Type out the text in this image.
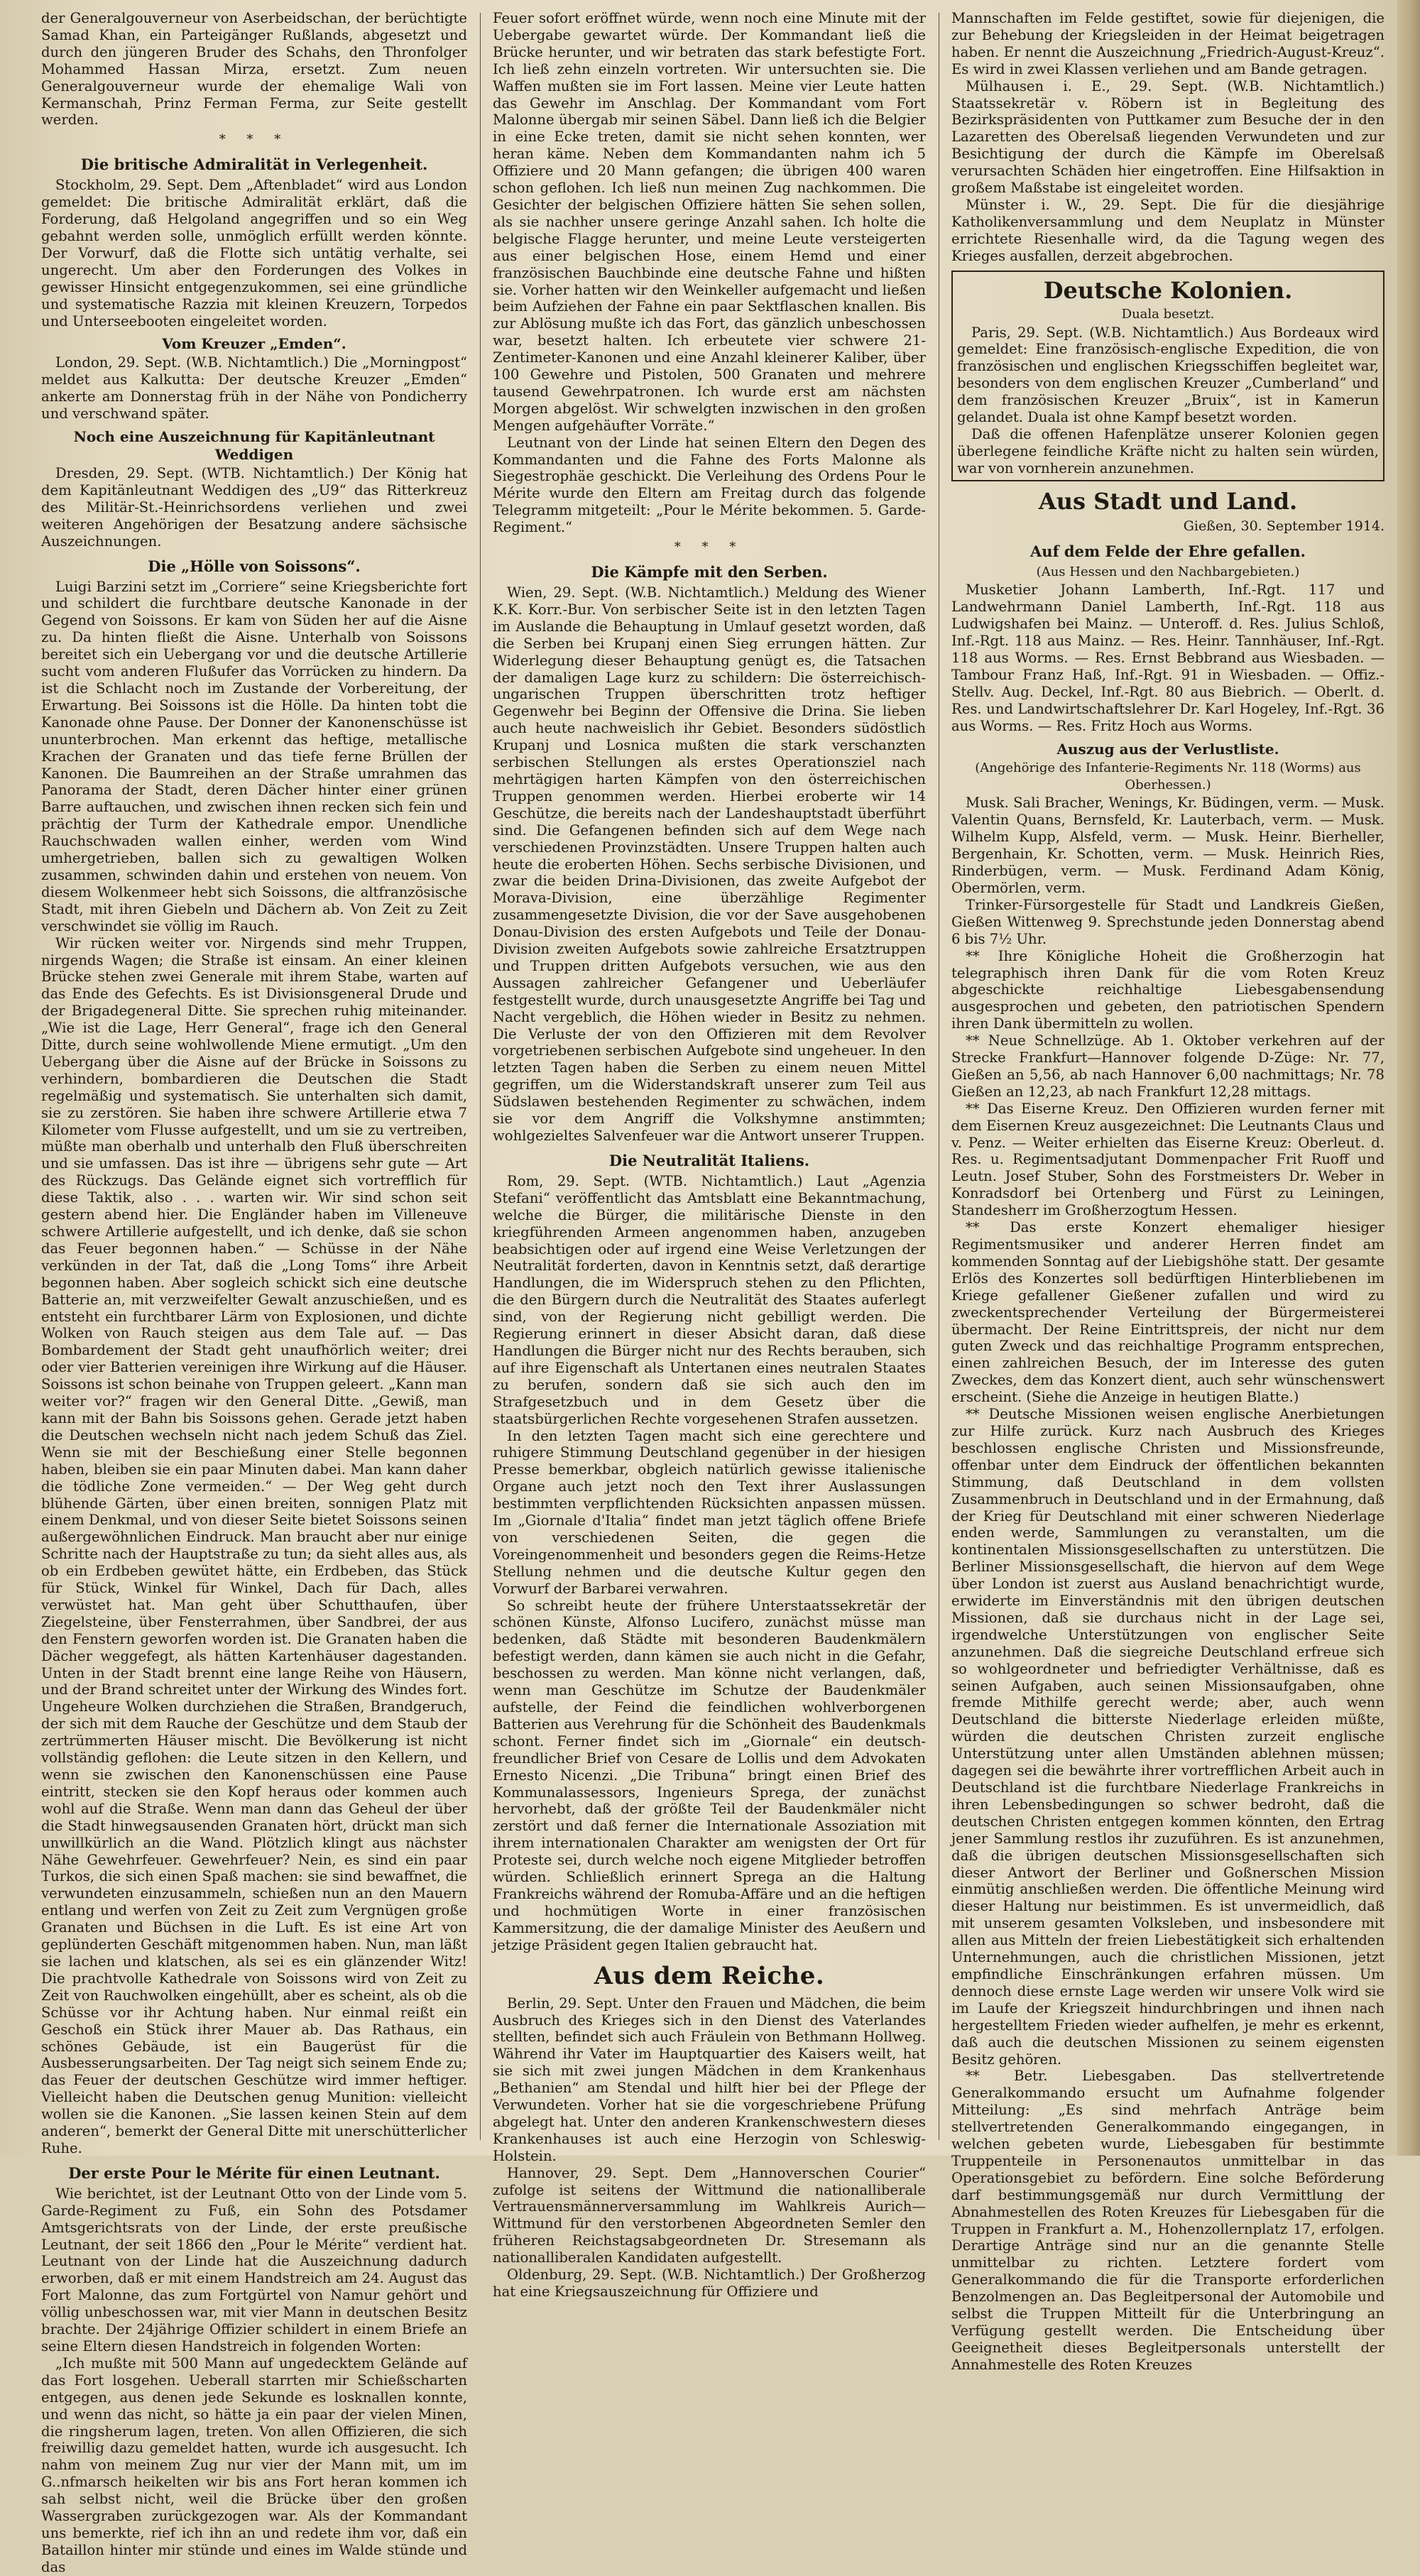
der Generalgouverneur von Aserbeidschan, der berüchtigte Samad Khan, ein Parteigänger Rußlands, abgesetzt und durch den jüngeren Bruder des Schahs, den Thronfolger Mohammed Hassan Mirza, ersetzt. Zum neuen Generalgouverneur wurde der ehemalige Wali von Kermanschah, Prinz Ferman Ferma, zur Seite gestellt werden.

* * *
Die britische Admiralität in Verlegenheit.

Stockholm, 29. Sept. Dem „Aftenbladet“ wird aus London gemeldet: Die britische Admiralität erklärt, daß die Forderung, daß Helgoland angegriffen und so ein Weg gebahnt werden solle, unmöglich erfüllt werden könnte. Der Vorwurf, daß die Flotte sich untätig verhalte, sei ungerecht. Um aber den Forderungen des Volkes in gewisser Hinsicht entgegenzukommen, sei eine gründliche und systematische Razzia mit kleinen Kreuzern, Torpedos und Unterseebooten eingeleitet worden.

Vom Kreuzer „Emden“.

London, 29. Sept. (W.B. Nichtamtlich.) Die „Morningpost“ meldet aus Kalkutta: Der deutsche Kreuzer „Emden“ ankerte am Donnerstag früh in der Nähe von Pondicherry und verschwand später.

Noch eine Auszeichnung für Kapitänleutnant Weddigen

Dresden, 29. Sept. (WTB. Nichtamtlich.) Der König hat dem Kapitänleutnant Weddigen des „U9“ das Ritterkreuz des Militär-St.-Heinrichsordens verliehen und zwei weiteren Angehörigen der Besatzung andere sächsische Auszeichnungen.

Die „Hölle von Soissons“.

Luigi Barzini setzt im „Corriere“ seine Kriegsberichte fort und schildert die furchtbare deutsche Kanonade in der Gegend von Soissons. Er kam von Süden her auf die Aisne zu. Da hinten fließt die Aisne. Unterhalb von Soissons bereitet sich ein Uebergang vor und die deutsche Artillerie sucht vom anderen Flußufer das Vorrücken zu hindern. Da ist die Schlacht noch im Zustande der Vorbereitung, der Erwartung. Bei Soissons ist die Hölle. Da hinten tobt die Kanonade ohne Pause. Der Donner der Kanonenschüsse ist ununterbrochen. Man erkennt das heftige, metallische Krachen der Granaten und das tiefe ferne Brüllen der Kanonen. Die Baumreihen an der Straße umrahmen das Panorama der Stadt, deren Dächer hinter einer grünen Barre auftauchen, und zwischen ihnen recken sich fein und prächtig der Turm der Kathedrale empor. Unendliche Rauchschwaden wallen einher, werden vom Wind umhergetrieben, ballen sich zu gewaltigen Wolken zusammen, schwinden dahin und erstehen von neuem. Von diesem Wolkenmeer hebt sich Soissons, die altfranzösische Stadt, mit ihren Giebeln und Dächern ab. Von Zeit zu Zeit verschwindet sie völlig im Rauch.

Wir rücken weiter vor. Nirgends sind mehr Truppen, nirgends Wagen; die Straße ist einsam. An einer kleinen Brücke stehen zwei Generale mit ihrem Stabe, warten auf das Ende des Gefechts. Es ist Divisionsgeneral Drude und der Brigadegeneral Ditte. Sie sprechen ruhig miteinander. „Wie ist die Lage, Herr General“, frage ich den General Ditte, durch seine wohlwollende Miene ermutigt. „Um den Uebergang über die Aisne auf der Brücke in Soissons zu verhindern, bombardieren die Deutschen die Stadt regelmäßig und systematisch. Sie unterhalten sich damit, sie zu zerstören. Sie haben ihre schwere Artillerie etwa 7 Kilometer vom Flusse aufgestellt, und um sie zu vertreiben, müßte man oberhalb und unterhalb den Fluß überschreiten und sie umfassen. Das ist ihre — übrigens sehr gute — Art des Rückzugs. Das Gelände eignet sich vortrefflich für diese Taktik, also . . . warten wir. Wir sind schon seit gestern abend hier. Die Engländer haben im Villeneuve schwere Artillerie aufgestellt, und ich denke, daß sie schon das Feuer begonnen haben.“ — Schüsse in der Nähe verkünden in der Tat, daß die „Long Toms“ ihre Arbeit begonnen haben. Aber sogleich schickt sich eine deutsche Batterie an, mit verzweifelter Gewalt anzuschießen, und es entsteht ein furchtbarer Lärm von Explosionen, und dichte Wolken von Rauch steigen aus dem Tale auf. — Das Bombardement der Stadt geht unaufhörlich weiter; drei oder vier Batterien vereinigen ihre Wirkung auf die Häuser. Soissons ist schon beinahe von Truppen geleert. „Kann man weiter vor?“ fragen wir den General Ditte. „Gewiß, man kann mit der Bahn bis Soissons gehen. Gerade jetzt haben die Deutschen wechseln nicht nach jedem Schuß das Ziel. Wenn sie mit der Beschießung einer Stelle begonnen haben, bleiben sie ein paar Minuten dabei. Man kann daher die tödliche Zone vermeiden.“ — Der Weg geht durch blühende Gärten, über einen breiten, sonnigen Platz mit einem Denkmal, und von dieser Seite bietet Soissons seinen außergewöhnlichen Eindruck. Man braucht aber nur einige Schritte nach der Hauptstraße zu tun; da sieht alles aus, als ob ein Erdbeben gewütet hätte, ein Erdbeben, das Stück für Stück, Winkel für Winkel, Dach für Dach, alles verwüstet hat. Man geht über Schutthaufen, über Ziegelsteine, über Fensterrahmen, über Sandbrei, der aus den Fenstern geworfen worden ist. Die Granaten haben die Dächer weggefegt, als hätten Kartenhäuser dagestanden. Unten in der Stadt brennt eine lange Reihe von Häusern, und der Brand schreitet unter der Wirkung des Windes fort. Ungeheure Wolken durchziehen die Straßen, Brandgeruch, der sich mit dem Rauche der Geschütze und dem Staub der zertrümmerten Häuser mischt. Die Bevölkerung ist nicht vollständig geflohen: die Leute sitzen in den Kellern, und wenn sie zwischen den Kanonenschüssen eine Pause eintritt, stecken sie den Kopf heraus oder kommen auch wohl auf die Straße. Wenn man dann das Geheul der über die Stadt hinwegsausenden Granaten hört, drückt man sich unwillkürlich an die Wand. Plötzlich klingt aus nächster Nähe Gewehrfeuer. Gewehrfeuer? Nein, es sind ein paar Turkos, die sich einen Spaß machen: sie sind bewaffnet, die verwundeten einzusammeln, schießen nun an den Mauern entlang und werfen von Zeit zu Zeit zum Vergnügen große Granaten und Büchsen in die Luft. Es ist eine Art von geplünderten Geschäft mitgenommen haben. Nun, man läßt sie lachen und klatschen, als sei es ein glänzender Witz! Die prachtvolle Kathedrale von Soissons wird von Zeit zu Zeit von Rauchwolken eingehüllt, aber es scheint, als ob die Schüsse vor ihr Achtung haben. Nur einmal reißt ein Geschoß ein Stück ihrer Mauer ab. Das Rathaus, ein schönes Gebäude, ist ein Baugerüst für die Ausbesserungsarbeiten. Der Tag neigt sich seinem Ende zu; das Feuer der deutschen Geschütze wird immer heftiger. Vielleicht haben die Deutschen genug Munition: vielleicht wollen sie die Kanonen. „Sie lassen keinen Stein auf dem anderen“, bemerkt der General Ditte mit unerschütterlicher Ruhe.

Der erste Pour le Mérite für einen Leutnant.

Wie berichtet, ist der Leutnant Otto von der Linde vom 5. Garde-Regiment zu Fuß, ein Sohn des Potsdamer Amtsgerichtsrats von der Linde, der erste preußische Leutnant, der seit 1866 den „Pour le Mérite“ verdient hat. Leutnant von der Linde hat die Auszeichnung dadurch erworben, daß er mit einem Handstreich am 24. August das Fort Malonne, das zum Fortgürtel von Namur gehört und völlig unbeschossen war, mit vier Mann in deutschen Besitz brachte. Der 24jährige Offizier schildert in einem Briefe an seine Eltern diesen Handstreich in folgenden Worten:

„Ich mußte mit 500 Mann auf ungedecktem Gelände auf das Fort losgehen. Ueberall starrten mir Schießscharten entgegen, aus denen jede Sekunde es losknallen konnte, und wenn das nicht, so hätte ja ein paar der vielen Minen, die ringsherum lagen, treten. Von allen Offizieren, die sich freiwillig dazu gemeldet hatten, wurde ich ausgesucht. Ich nahm von meinem Zug nur vier der Mann mit, um im G..nfmarsch heikelten wir bis ans Fort heran kommen ich sah selbst nicht, weil die Brücke über den großen Wassergraben zurückgezogen war. Als der Kommandant uns bemerkte, rief ich ihn an und redete ihm vor, daß ein Bataillon hinter mir stünde und eines im Walde stünde und das

Feuer sofort eröffnet würde, wenn noch eine Minute mit der Uebergabe gewartet würde. Der Kommandant ließ die Brücke herunter, und wir betraten das stark befestigte Fort. Ich ließ zehn einzeln vortreten. Wir untersuchten sie. Die Waffen mußten sie im Fort lassen. Meine vier Leute hatten das Gewehr im Anschlag. Der Kommandant vom Fort Malonne übergab mir seinen Säbel. Dann ließ ich die Belgier in eine Ecke treten, damit sie nicht sehen konnten, wer heran käme. Neben dem Kommandanten nahm ich 5 Offiziere und 20 Mann gefangen; die übrigen 400 waren schon geflohen. Ich ließ nun meinen Zug nachkommen. Die Gesichter der belgischen Offiziere hätten Sie sehen sollen, als sie nachher unsere geringe Anzahl sahen. Ich holte die belgische Flagge herunter, und meine Leute versteigerten aus einer belgischen Hose, einem Hemd und einer französischen Bauchbinde eine deutsche Fahne und hißten sie. Vorher hatten wir den Weinkeller aufgemacht und ließen beim Aufziehen der Fahne ein paar Sektflaschen knallen. Bis zur Ablösung mußte ich das Fort, das gänzlich unbeschossen war, besetzt halten. Ich erbeutete vier schwere 21-Zentimeter-Kanonen und eine Anzahl kleinerer Kaliber, über 100 Gewehre und Pistolen, 500 Granaten und mehrere tausend Gewehrpatronen. Ich wurde erst am nächsten Morgen abgelöst. Wir schwelgten inzwischen in den großen Mengen aufgehäufter Vorräte.“

Leutnant von der Linde hat seinen Eltern den Degen des Kommandanten und die Fahne des Forts Malonne als Siegestrophäe geschickt. Die Verleihung des Ordens Pour le Mérite wurde den Eltern am Freitag durch das folgende Telegramm mitgeteilt: „Pour le Mérite bekommen. 5. Garde-Regiment.“

* * *
Die Kämpfe mit den Serben.

Wien, 29. Sept. (W.B. Nichtamtlich.) Meldung des Wiener K.K. Korr.-Bur. Von serbischer Seite ist in den letzten Tagen im Auslande die Behauptung in Umlauf gesetzt worden, daß die Serben bei Krupanj einen Sieg errungen hätten. Zur Widerlegung dieser Behauptung genügt es, die Tatsachen der damaligen Lage kurz zu schildern: Die österreichisch-ungarischen Truppen überschritten trotz heftiger Gegenwehr bei Beginn der Offensive die Drina. Sie lieben auch heute nachweislich ihr Gebiet. Besonders südöstlich Krupanj und Losnica mußten die stark verschanzten serbischen Stellungen als erstes Operationsziel nach mehrtägigen harten Kämpfen von den österreichischen Truppen genommen werden. Hierbei eroberte wir 14 Geschütze, die bereits nach der Landeshauptstadt überführt sind. Die Gefangenen befinden sich auf dem Wege nach verschiedenen Provinzstädten. Unsere Truppen halten auch heute die eroberten Höhen. Sechs serbische Divisionen, und zwar die beiden Drina-Divisionen, das zweite Aufgebot der Morava-Division, eine überzählige Regimenter zusammengesetzte Division, die vor der Save ausgehobenen Donau-Division des ersten Aufgebots und Teile der Donau-Division zweiten Aufgebots sowie zahlreiche Ersatztruppen und Truppen dritten Aufgebots versuchen, wie aus den Aussagen zahlreicher Gefangener und Ueberläufer festgestellt wurde, durch unausgesetzte Angriffe bei Tag und Nacht vergeblich, die Höhen wieder in Besitz zu nehmen. Die Verluste der von den Offizieren mit dem Revolver vorgetriebenen serbischen Aufgebote sind ungeheuer. In den letzten Tagen haben die Serben zu einem neuen Mittel gegriffen, um die Widerstandskraft unserer zum Teil aus Südslawen bestehenden Regimenter zu schwächen, indem sie vor dem Angriff die Volkshymne anstimmten; wohlgezieltes Salvenfeuer war die Antwort unserer Truppen.

Die Neutralität Italiens.

Rom, 29. Sept. (WTB. Nichtamtlich.) Laut „Agenzia Stefani“ veröffentlicht das Amtsblatt eine Bekanntmachung, welche die Bürger, die militärische Dienste in den kriegführenden Armeen angenommen haben, anzugeben beabsichtigen oder auf irgend eine Weise Verletzungen der Neutralität forderten, davon in Kenntnis setzt, daß derartige Handlungen, die im Widerspruch stehen zu den Pflichten, die den Bürgern durch die Neutralität des Staates auferlegt sind, von der Regierung nicht gebilligt werden. Die Regierung erinnert in dieser Absicht daran, daß diese Handlungen die Bürger nicht nur des Rechts berauben, sich auf ihre Eigenschaft als Untertanen eines neutralen Staates zu berufen, sondern daß sie sich auch den im Strafgesetzbuch und in dem Gesetz über die staatsbürgerlichen Rechte vorgesehenen Strafen aussetzen.

In den letzten Tagen macht sich eine gerechtere und ruhigere Stimmung Deutschland gegenüber in der hiesigen Presse bemerkbar, obgleich natürlich gewisse italienische Organe auch jetzt noch den Text ihrer Auslassungen bestimmten verpflichtenden Rücksichten anpassen müssen. Im „Giornale d'Italia“ findet man jetzt täglich offene Briefe von verschiedenen Seiten, die gegen die Voreingenommenheit und besonders gegen die Reims-Hetze Stellung nehmen und die deutsche Kultur gegen den Vorwurf der Barbarei verwahren.

So schreibt heute der frühere Unterstaatssekretär der schönen Künste, Alfonso Lucifero, zunächst müsse man bedenken, daß Städte mit besonderen Baudenkmälern befestigt werden, dann kämen sie auch nicht in die Gefahr, beschossen zu werden. Man könne nicht verlangen, daß, wenn man Geschütze im Schutze der Baudenkmäler aufstelle, der Feind die feindlichen wohlverborgenen Batterien aus Verehrung für die Schönheit des Baudenkmals schont. Ferner findet sich im „Giornale“ ein deutsch-freundlicher Brief von Cesare de Lollis und dem Advokaten Ernesto Nicenzi. „Die Tribuna“ bringt einen Brief des Kommunalassessors, Ingenieurs Sprega, der zunächst hervorhebt, daß der größte Teil der Baudenkmäler nicht zerstört und daß ferner die Internationale Assoziation mit ihrem internationalen Charakter am wenigsten der Ort für Proteste sei, durch welche noch eigene Mitglieder betroffen würden. Schließlich erinnert Sprega an die Haltung Frankreichs während der Romuba-Affäre und an die heftigen und hochmütigen Worte in einer französischen Kammersitzung, die der damalige Minister des Aeußern und jetzige Präsident gegen Italien gebraucht hat.

Aus dem Reiche.

Berlin, 29. Sept. Unter den Frauen und Mädchen, die beim Ausbruch des Krieges sich in den Dienst des Vaterlandes stellten, befindet sich auch Fräulein von Bethmann Hollweg. Während ihr Vater im Hauptquartier des Kaisers weilt, hat sie sich mit zwei jungen Mädchen in dem Krankenhaus „Bethanien“ am Stendal und hilft hier bei der Pflege der Verwundeten. Vorher hat sie die vorgeschriebene Prüfung abgelegt hat. Unter den anderen Krankenschwestern dieses Krankenhauses ist auch eine Herzogin von Schleswig-Holstein.

Hannover, 29. Sept. Dem „Hannoverschen Courier“ zufolge ist seitens der Wittmund die nationalliberale Vertrauensmännerversammlung im Wahlkreis Aurich—Wittmund für den verstorbenen Abgeordneten Semler den früheren Reichstagsabgeordneten Dr. Stresemann als nationalliberalen Kandidaten aufgestellt.

Oldenburg, 29. Sept. (W.B. Nichtamtlich.) Der Großherzog hat eine Kriegsauszeichnung für Offiziere und

Mannschaften im Felde gestiftet, sowie für diejenigen, die zur Behebung der Kriegsleiden in der Heimat beigetragen haben. Er nennt die Auszeichnung „Friedrich-August-Kreuz“. Es wird in zwei Klassen verliehen und am Bande getragen.

Mülhausen i. E., 29. Sept. (W.B. Nichtamtlich.) Staatssekretär v. Röbern ist in Begleitung des Bezirkspräsidenten von Puttkamer zum Besuche der in den Lazaretten des Oberelsaß liegenden Verwundeten und zur Besichtigung der durch die Kämpfe im Oberelsaß verursachten Schäden hier eingetroffen. Eine Hilfsaktion in großem Maßstabe ist eingeleitet worden.

Münster i. W., 29. Sept. Die für die diesjährige Katholikenversammlung und dem Neuplatz in Münster errichtete Riesenhalle wird, da die Tagung wegen des Krieges ausfallen, derzeit abgebrochen.

Deutsche Kolonien.
Duala besetzt.

Paris, 29. Sept. (W.B. Nichtamtlich.) Aus Bordeaux wird gemeldet: Eine französisch-englische Expedition, die von französischen und englischen Kriegsschiffen begleitet war, besonders von dem englischen Kreuzer „Cumberland“ und dem französischen Kreuzer „Bruix“, ist in Kamerun gelandet. Duala ist ohne Kampf besetzt worden.

Daß die offenen Hafenplätze unserer Kolonien gegen überlegene feindliche Kräfte nicht zu halten sein würden, war von vornherein anzunehmen.

Aus Stadt und Land.
Gießen, 30. September 1914.
Auf dem Felde der Ehre gefallen.
(Aus Hessen und den Nachbargebieten.)

Musketier Johann Lamberth, Inf.-Rgt. 117 und Landwehrmann Daniel Lamberth, Inf.-Rgt. 118 aus Ludwigshafen bei Mainz. — Unteroff. d. Res. Julius Schloß, Inf.-Rgt. 118 aus Mainz. — Res. Heinr. Tannhäuser, Inf.-Rgt. 118 aus Worms. — Res. Ernst Bebbrand aus Wiesbaden. — Tambour Franz Haß, Inf.-Rgt. 91 in Wiesbaden. — Offiz.-Stellv. Aug. Deckel, Inf.-Rgt. 80 aus Biebrich. — Oberlt. d. Res. und Landwirtschaftslehrer Dr. Karl Hogeley, Inf.-Rgt. 36 aus Worms. — Res. Fritz Hoch aus Worms.

Auszug aus der Verlustliste.
(Angehörige des Infanterie-Regiments Nr. 118 (Worms) aus Oberhessen.)

Musk. Sali Bracher, Wenings, Kr. Büdingen, verm. — Musk. Valentin Quans, Bernsfeld, Kr. Lauterbach, verm. — Musk. Wilhelm Kupp, Alsfeld, verm. — Musk. Heinr. Bierheller, Bergenhain, Kr. Schotten, verm. — Musk. Heinrich Ries, Rinderbügen, verm. — Musk. Ferdinand Adam König, Obermörlen, verm.

Trinker-Fürsorgestelle für Stadt und Landkreis Gießen, Gießen Wittenweg 9. Sprechstunde jeden Donnerstag abend 6 bis 7½ Uhr.

** Ihre Königliche Hoheit die Großherzogin hat telegraphisch ihren Dank für die vom Roten Kreuz abgeschickte reichhaltige Liebesgabensendung ausgesprochen und gebeten, den patriotischen Spendern ihren Dank übermitteln zu wollen.

** Neue Schnellzüge. Ab 1. Oktober verkehren auf der Strecke Frankfurt—Hannover folgende D-Züge: Nr. 77, Gießen an 5,56, ab nach Hannover 6,00 nachmittags; Nr. 78 Gießen an 12,23, ab nach Frankfurt 12,28 mittags.

** Das Eiserne Kreuz. Den Offizieren wurden ferner mit dem Eisernen Kreuz ausgezeichnet: Die Leutnants Claus und v. Penz. — Weiter erhielten das Eiserne Kreuz: Oberleut. d. Res. u. Regimentsadjutant Dommenpacher Frit Ruoff und Leutn. Josef Stuber, Sohn des Forstmeisters Dr. Weber in Konradsdorf bei Ortenberg und Fürst zu Leiningen, Standesherr im Großherzogtum Hessen.

** Das erste Konzert ehemaliger hiesiger Regimentsmusiker und anderer Herren findet am kommenden Sonntag auf der Liebigshöhe statt. Der gesamte Erlös des Konzertes soll bedürftigen Hinterbliebenen im Kriege gefallener Gießener zufallen und wird zu zweckentsprechender Verteilung der Bürgermeisterei übermacht. Der Reine Eintrittspreis, der nicht nur dem guten Zweck und das reichhaltige Programm entsprechen, einen zahlreichen Besuch, der im Interesse des guten Zweckes, dem das Konzert dient, auch sehr wünschenswert erscheint. (Siehe die Anzeige in heutigen Blatte.)

** Deutsche Missionen weisen englische Anerbietungen zur Hilfe zurück. Kurz nach Ausbruch des Krieges beschlossen englische Christen und Missionsfreunde, offenbar unter dem Eindruck der öffentlichen bekannten Stimmung, daß Deutschland in dem vollsten Zusammenbruch in Deutschland und in der Ermahnung, daß der Krieg für Deutschland mit einer schweren Niederlage enden werde, Sammlungen zu veranstalten, um die kontinentalen Missionsgesellschaften zu unterstützen. Die Berliner Missionsgesellschaft, die hiervon auf dem Wege über London ist zuerst aus Ausland benachrichtigt wurde, erwiderte im Einverständnis mit den übrigen deutschen Missionen, daß sie durchaus nicht in der Lage sei, irgendwelche Unterstützungen von englischer Seite anzunehmen. Daß die siegreiche Deutschland erfreue sich so wohlgeordneter und befriedigter Verhältnisse, daß es seinen Aufgaben, auch seinen Missionsaufgaben, ohne fremde Mithilfe gerecht werde; aber, auch wenn Deutschland die bitterste Niederlage erleiden müßte, würden die deutschen Christen zurzeit englische Unterstützung unter allen Umständen ablehnen müssen; dagegen sei die bewährte ihrer vortrefflichen Arbeit auch in Deutschland ist die furchtbare Niederlage Frankreichs in ihren Lebensbedingungen so schwer bedroht, daß die deutschen Christen entgegen kommen könnten, den Ertrag jener Sammlung restlos ihr zuzuführen. Es ist anzunehmen, daß die übrigen deutschen Missionsgesellschaften sich dieser Antwort der Berliner und Goßnerschen Mission einmütig anschließen werden. Die öffentliche Meinung wird dieser Haltung nur beistimmen. Es ist unvermeidlich, daß mit unserem gesamten Volksleben, und insbesondere mit allen aus Mitteln der freien Liebestätigkeit sich erhaltenden Unternehmungen, auch die christlichen Missionen, jetzt empfindliche Einschränkungen erfahren müssen. Um dennoch diese ernste Lage werden wir unsere Volk wird sie im Laufe der Kriegszeit hindurchbringen und ihnen nach hergestelltem Frieden wieder aufhelfen, je mehr es erkennt, daß auch die deutschen Missionen zu seinem eigensten Besitz gehören.

** Betr. Liebesgaben. Das stellvertretende Generalkommando ersucht um Aufnahme folgender Mitteilung: „Es sind mehrfach Anträge beim stellvertretenden Generalkommando eingegangen, in welchen gebeten wurde, Liebesgaben für bestimmte Truppenteile in Personenautos unmittelbar in das Operationsgebiet zu befördern. Eine solche Beförderung darf bestimmungsgemäß nur durch Vermittlung der Abnahmestellen des Roten Kreuzes für Liebesgaben für die Truppen in Frankfurt a. M., Hohenzollernplatz 17, erfolgen. Derartige Anträge sind nur an die genannte Stelle unmittelbar zu richten. Letztere fordert vom Generalkommando die für die Transporte erforderlichen Benzolmengen an. Das Begleitpersonal der Automobile und selbst die Truppen Mitteilt für die Unterbringung an Verfügung gestellt werden. Die Entscheidung über Geeignetheit dieses Begleitpersonals unterstellt der Annahmestelle des Roten Kreuzes
